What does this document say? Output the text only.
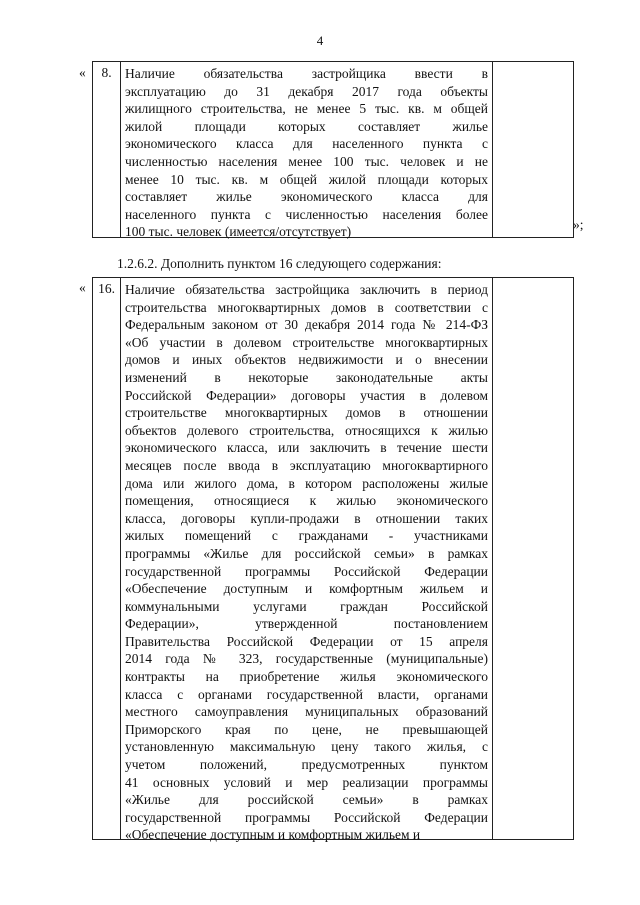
4
« 8.	Наличие обязательства застройщика ввести в
эксплуатацию до 31 декабря 2017 года объекты
жилищного строительства, не менее 5 тыс. кв. м общей
жилой площади которых составляет жилье
экономического класса для населенного пункта с
численностью населения менее 100 тыс. человек и не
менее 10 тыс. кв. м общей жилой площади которых
составляет жилье экономического класса для
населенного пункта с численностью населения более
100 тыс. человек (имеется/отсутствует)
		»;
1.2.6.2. Дополнить пунктом 16 следующего содержания:
« 16.	Наличие обязательства застройщика заключить в период
строительства многоквартирных домов в соответствии с
Федеральным законом от 30 декабря 2014 года № 214-ФЗ
«Об участии в долевом строительстве многоквартирных
домов и иных объектов недвижимости и о внесении
изменений в некоторые законодательные акты
Российской Федерации» договоры участия в долевом
строительстве многоквартирных домов в отношении
объектов долевого строительства, относящихся к жилью
экономического класса, или заключить в течение шести
месяцев после ввода в эксплуатацию многоквартирного
дома или жилого дома, в котором расположены жилые
помещения, относящиеся к жилью экономического
класса, договоры купли-продажи в отношении таких
жилых помещений с гражданами - участниками
программы «Жилье для российской семьи» в рамках
государственной программы Российской Федерации
«Обеспечение доступным и комфортным жильем и
коммунальными услугами граждан Российской
Федерации», утвержденной постановлением
Правительства Российской Федерации от 15 апреля
2014 года № 323, государственные (муниципальные)
контракты на приобретение жилья экономического
класса с органами государственной власти, органами
местного самоуправления муниципальных образований
Приморского края по цене, не превышающей
установленную максимальную цену такого жилья, с
учетом положений, предусмотренных пунктом
41 основных условий и мер реализации программы
«Жилье для российской семьи» в рамках
государственной программы Российской Федерации
«Обеспечение доступным и комфортным жильем и
